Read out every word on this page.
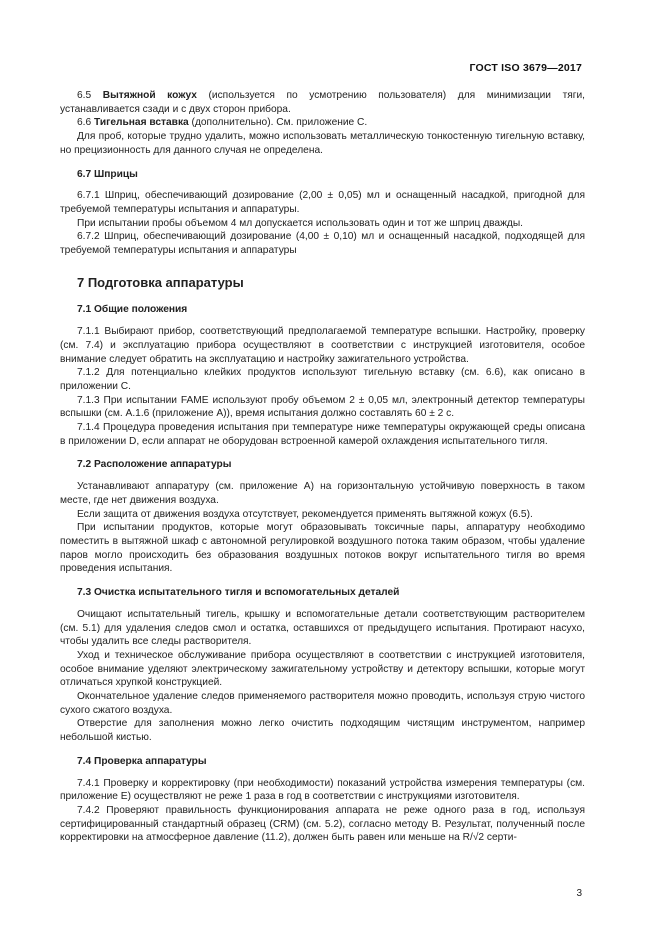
ГОСТ ISO 3679—2017

6.5 Вытяжной кожух (используется по усмотрению пользователя) для минимизации тяги, устанавливается сзади и с двух сторон прибора.

6.6 Тигельная вставка (дополнительно). См. приложение С.

Для проб, которые трудно удалить, можно использовать металлическую тонкостенную тигельную вставку, но прецизионность для данного случая не определена.

6.7 Шприцы

6.7.1 Шприц, обеспечивающий дозирование (2,00 ± 0,05) мл и оснащенный насадкой, пригодной для требуемой температуры испытания и аппаратуры.

При испытании пробы объемом 4 мл допускается использовать один и тот же шприц дважды.

6.7.2 Шприц, обеспечивающий дозирование (4,00 ± 0,10) мл и оснащенный насадкой, подходящей для требуемой температуры испытания и аппаратуры

7 Подготовка аппаратуры
7.1 Общие положения

7.1.1 Выбирают прибор, соответствующий предполагаемой температуре вспышки. Настройку, проверку (см. 7.4) и эксплуатацию прибора осуществляют в соответствии с инструкцией изготовителя, особое внимание следует обратить на эксплуатацию и настройку зажигательного устройства.

7.1.2 Для потенциально клейких продуктов используют тигельную вставку (см. 6.6), как описано в приложении С.

7.1.3 При испытании FAME используют пробу объемом 2 ± 0,05 мл, электронный детектор температуры вспышки (см. А.1.6 (приложение А)), время испытания должно составлять 60 ± 2 с.

7.1.4 Процедура проведения испытания при температуре ниже температуры окружающей среды описана в приложении D, если аппарат не оборудован встроенной камерой охлаждения испытательного тигля.

7.2 Расположение аппаратуры

Устанавливают аппаратуру (см. приложение А) на горизонтальную устойчивую поверхность в таком месте, где нет движения воздуха.

Если защита от движения воздуха отсутствует, рекомендуется применять вытяжной кожух (6.5).

При испытании продуктов, которые могут образовывать токсичные пары, аппаратуру необходимо поместить в вытяжной шкаф с автономной регулировкой воздушного потока таким образом, чтобы удаление паров могло происходить без образования воздушных потоков вокруг испытательного тигля во время проведения испытания.

7.3 Очистка испытательного тигля и вспомогательных деталей

Очищают испытательный тигель, крышку и вспомогательные детали соответствующим растворителем (см. 5.1) для удаления следов смол и остатка, оставшихся от предыдущего испытания. Протирают насухо, чтобы удалить все следы растворителя.

Уход и техническое обслуживание прибора осуществляют в соответствии с инструкцией изготовителя, особое внимание уделяют электрическому зажигательному устройству и детектору вспышки, которые могут отличаться хрупкой конструкцией.

Окончательное удаление следов применяемого растворителя можно проводить, используя струю чистого сухого сжатого воздуха.

Отверстие для заполнения можно легко очистить подходящим чистящим инструментом, например небольшой кистью.

7.4 Проверка аппаратуры

7.4.1 Проверку и корректировку (при необходимости) показаний устройства измерения температуры (см. приложение Е) осуществляют не реже 1 раза в год в соответствии с инструкциями изготовителя.

7.4.2 Проверяют правильность функционирования аппарата не реже одного раза в год, используя сертифицированный стандартный образец (CRM) (см. 5.2), согласно методу В. Результат, полученный после корректировки на атмосферное давление (11.2), должен быть равен или меньше на R/√2 серти-

3
